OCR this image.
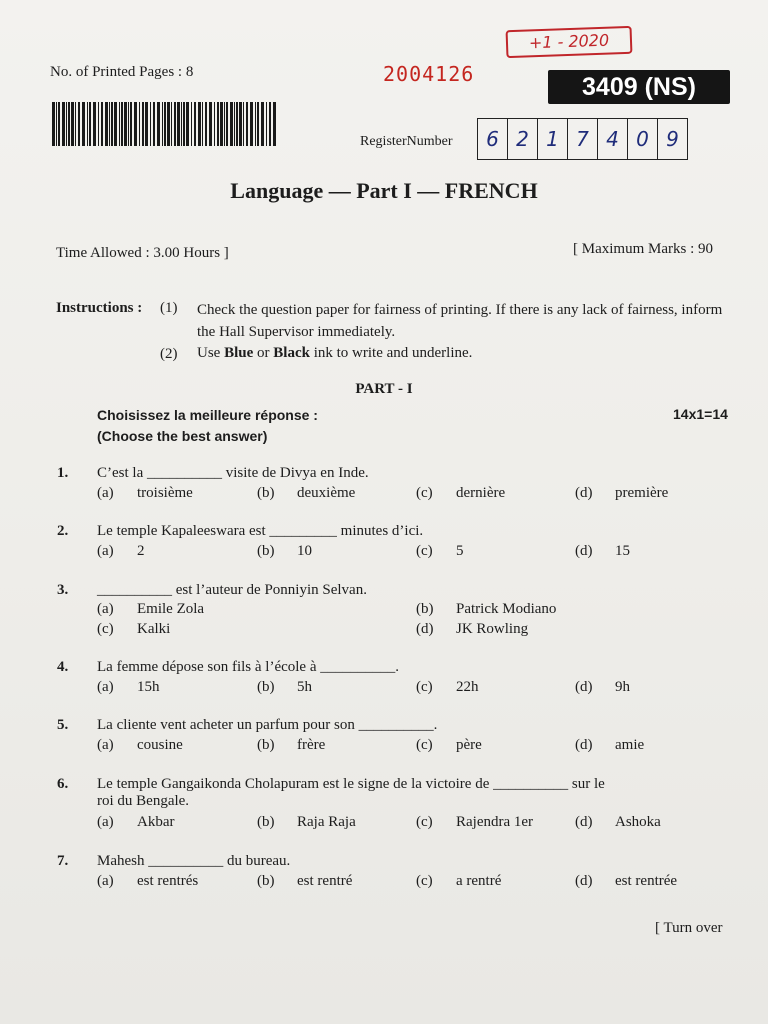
No. of Printed Pages : 8
+1 - 2020
2004126	3409 (NS)
RegisterNumber	6 2 1 7 4 0 9
Language — Part I — FRENCH
Time Allowed : 3.00 Hours ]	[ Maximum Marks : 90
Instructions : (1) Check the question paper for fairness of printing. If there is any lack of fairness, inform the Hall Supervisor immediately.
(2) Use Blue or Black ink to write and underline.
PART - I
Choisissez la meilleure réponse :
(Choose the best answer)
14x1=14
1. C’est la __________ visite de Divya en Inde.
(a) troisième	(b) deuxième	(c) dernière	(d) première
2. Le temple Kapaleeswara est _________ minutes d’ici.
(a) 2	(b) 10	(c) 5	(d) 15
3. __________ est l’auteur de Ponniyin Selvan.
(a) Emile Zola	(b) Patrick Modiano
(c) Kalki	(d) JK Rowling
4. La femme dépose son fils à l’école à __________.
(a) 15h	(b) 5h	(c) 22h	(d) 9h
5. La cliente vent acheter un parfum pour son __________.
(a) cousine	(b) frère	(c) père	(d) amie
6. Le temple Gangaikonda Cholapuram est le signe de la victoire de __________ sur le
roi du Bengale.
(a) Akbar	(b) Raja Raja	(c) Rajendra 1er	(d) Ashoka
7. Mahesh __________ du bureau.
(a) est rentrés	(b) est rentré	(c) a rentré	(d) est rentrée
[ Turn over
